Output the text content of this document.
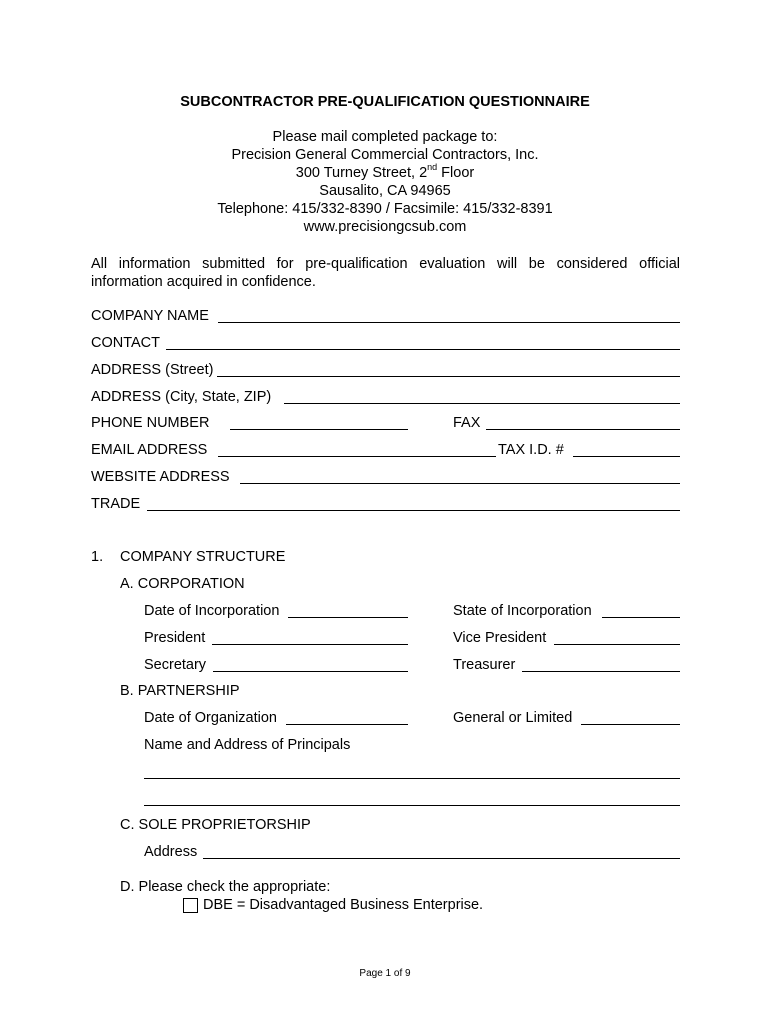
SUBCONTRACTOR PRE-QUALIFICATION QUESTIONNAIRE
Please mail completed package to:
Precision General Commercial Contractors, Inc.
300 Turney Street, 2nd Floor
Sausalito, CA 94965
Telephone: 415/332-8390 / Facsimile: 415/332-8391
www.precisiongcsub.com
All information submitted for pre-qualification evaluation will be considered official information acquired in confidence.
COMPANY NAME
CONTACT
ADDRESS (Street)
ADDRESS (City, State, ZIP)
PHONE NUMBER	FAX
EMAIL ADDRESS	TAX I.D. #
WEBSITE ADDRESS
TRADE
1. COMPANY STRUCTURE
A. CORPORATION
Date of Incorporation	State of Incorporation
President	Vice President
Secretary	Treasurer
B. PARTNERSHIP
Date of Organization	General or Limited
Name and Address of Principals
C. SOLE PROPRIETORSHIP
Address
D. Please check the appropriate:
DBE = Disadvantaged Business Enterprise.
Page 1 of 9
